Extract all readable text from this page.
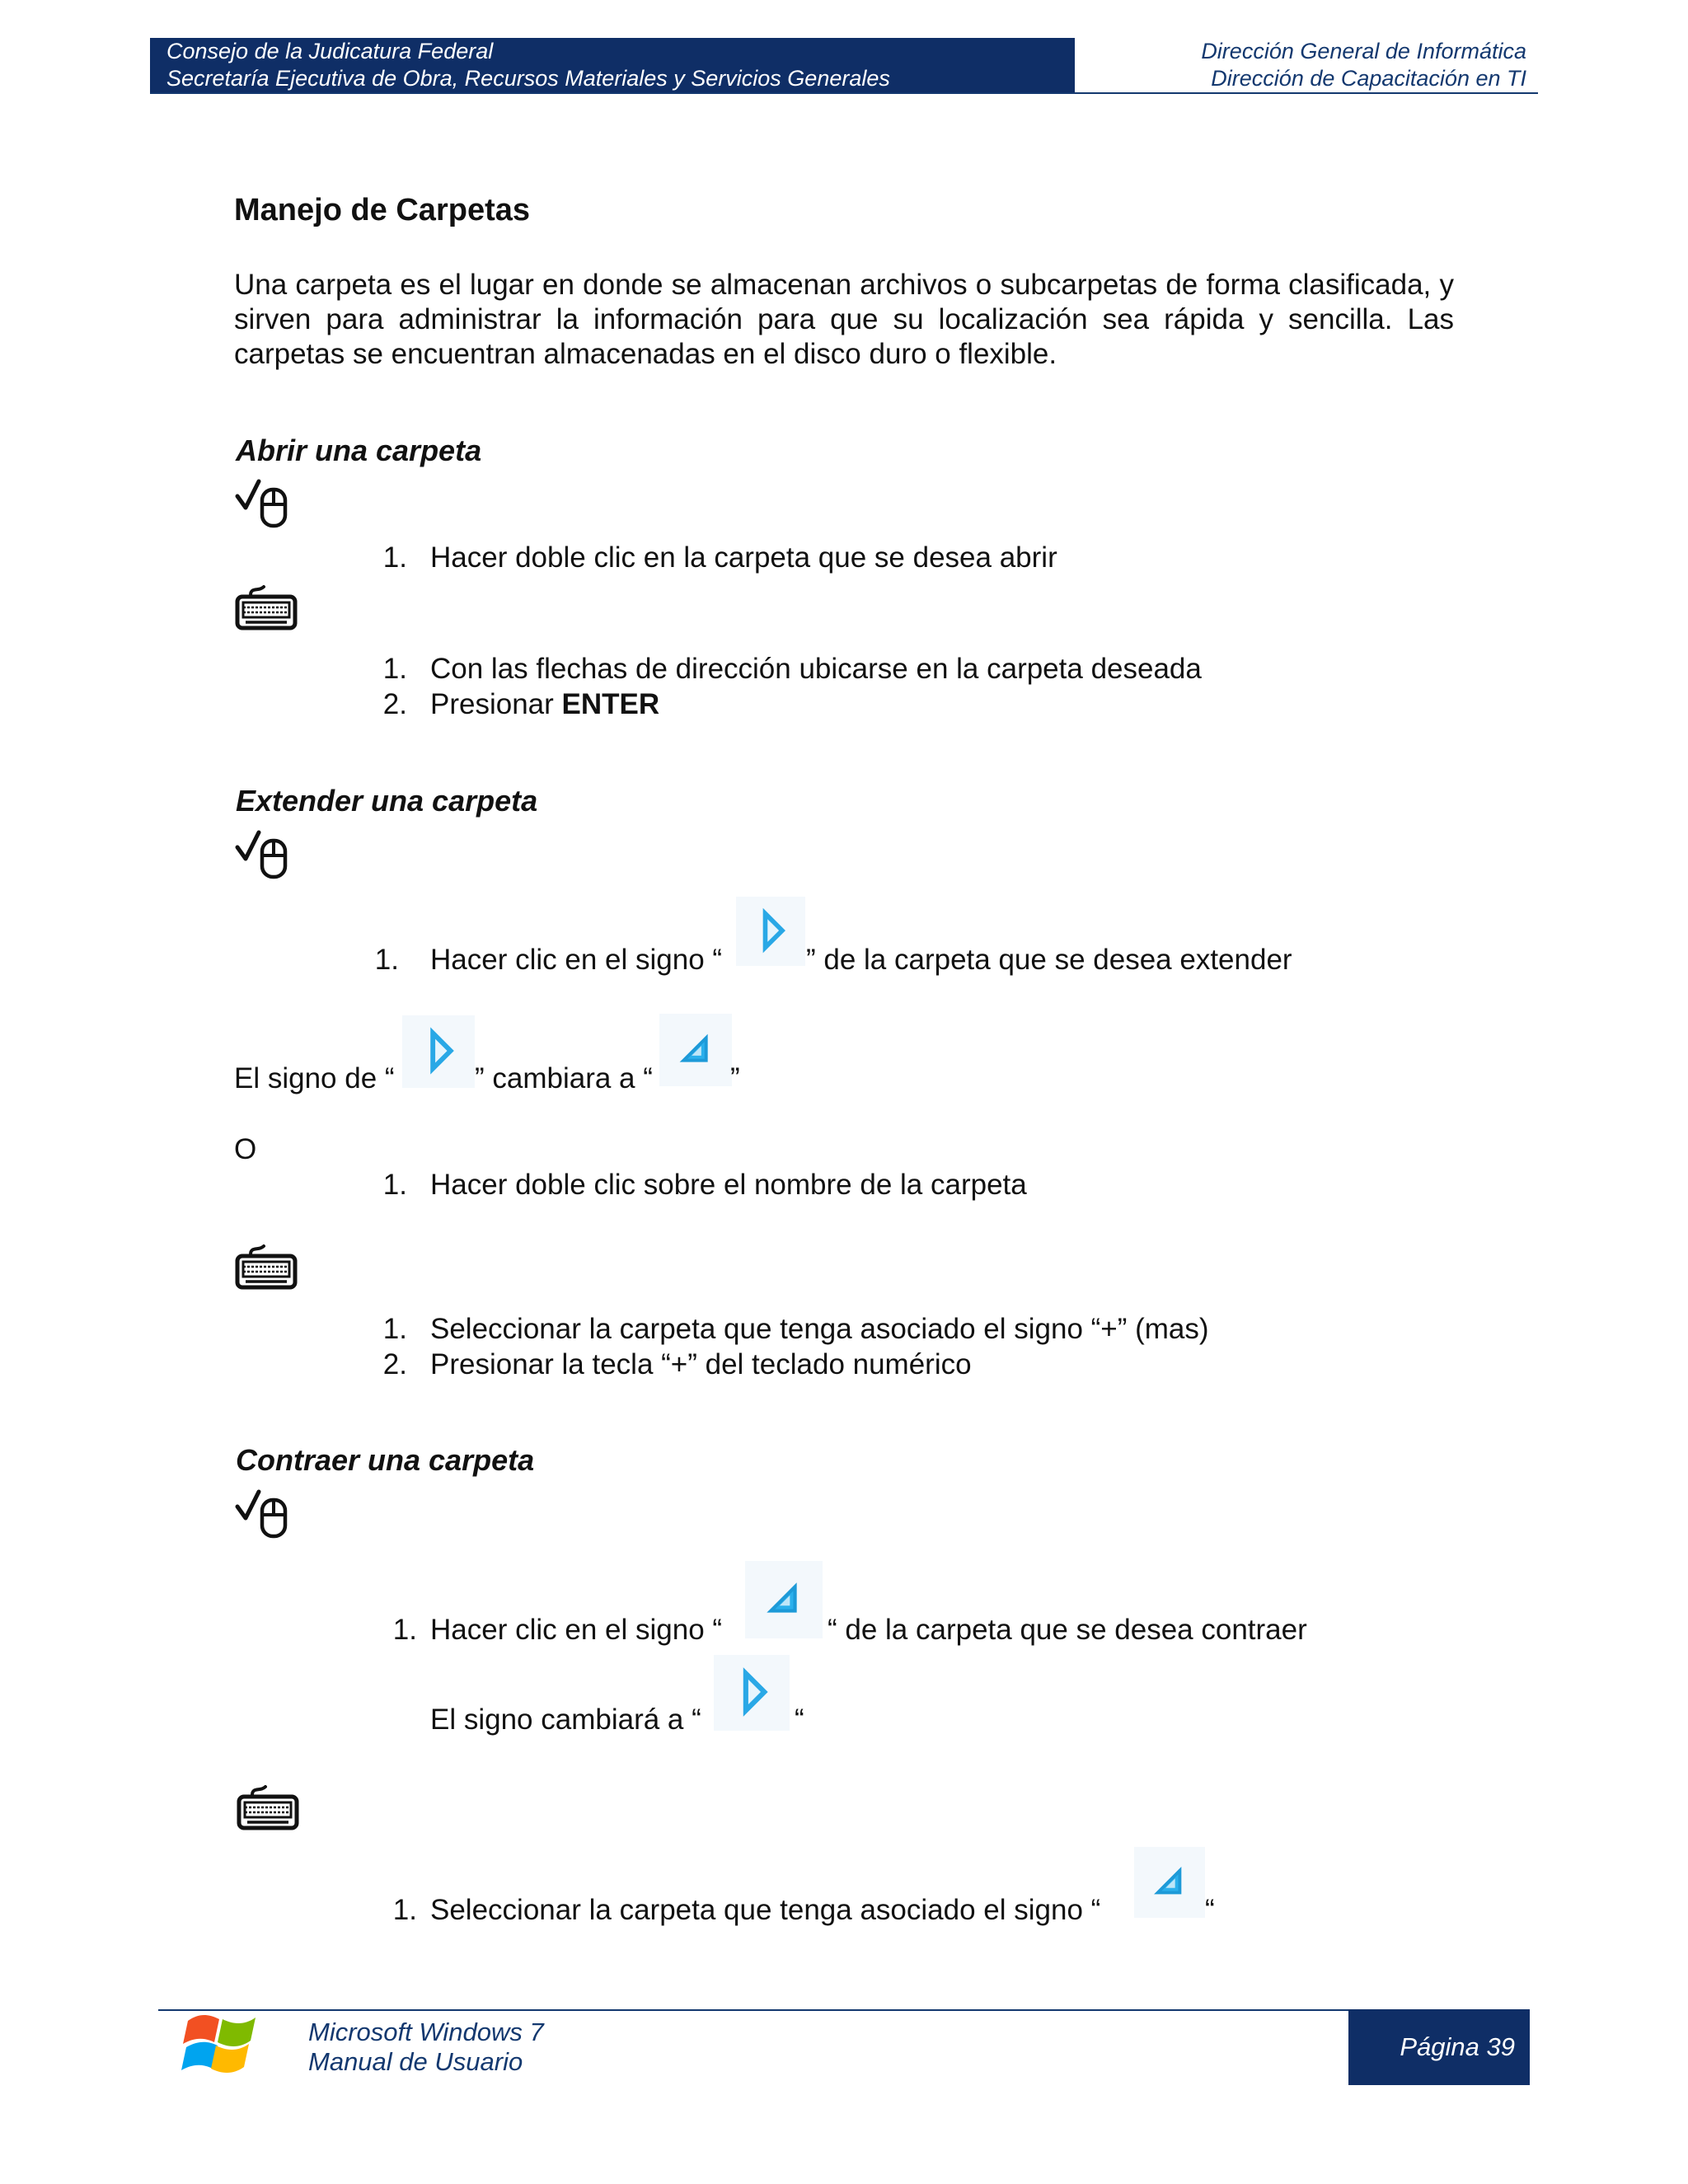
Consejo de la Judicatura Federal
Secretaría Ejecutiva de Obra, Recursos Materiales y Servicios Generales
Dirección General de Informática
Dirección de Capacitación en TI
Manejo de Carpetas
Una carpeta es el lugar en donde se almacenan archivos o subcarpetas de forma clasificada, y sirven para administrar la información para que su localización sea rápida y sencilla. Las carpetas se encuentran almacenadas en el disco duro o flexible.
Abrir una carpeta
1. Hacer doble clic en la carpeta que se desea abrir
1. Con las flechas de dirección ubicarse en la carpeta deseada
2. Presionar ENTER
Extender una carpeta
1. Hacer clic en el signo “	” de la carpeta que se desea extender
El signo de “	” cambiara a “	”
O
1. Hacer doble clic sobre el nombre de la carpeta
1. Seleccionar la carpeta que tenga asociado el signo “+” (mas)
2. Presionar la tecla “+” del teclado numérico
Contraer una carpeta
1. Hacer clic en el signo “	“ de la carpeta que se desea contraer
El signo cambiará a “	“
1. Seleccionar la carpeta que tenga asociado el signo “	“
Microsoft Windows 7
Manual de Usuario
Página 39
